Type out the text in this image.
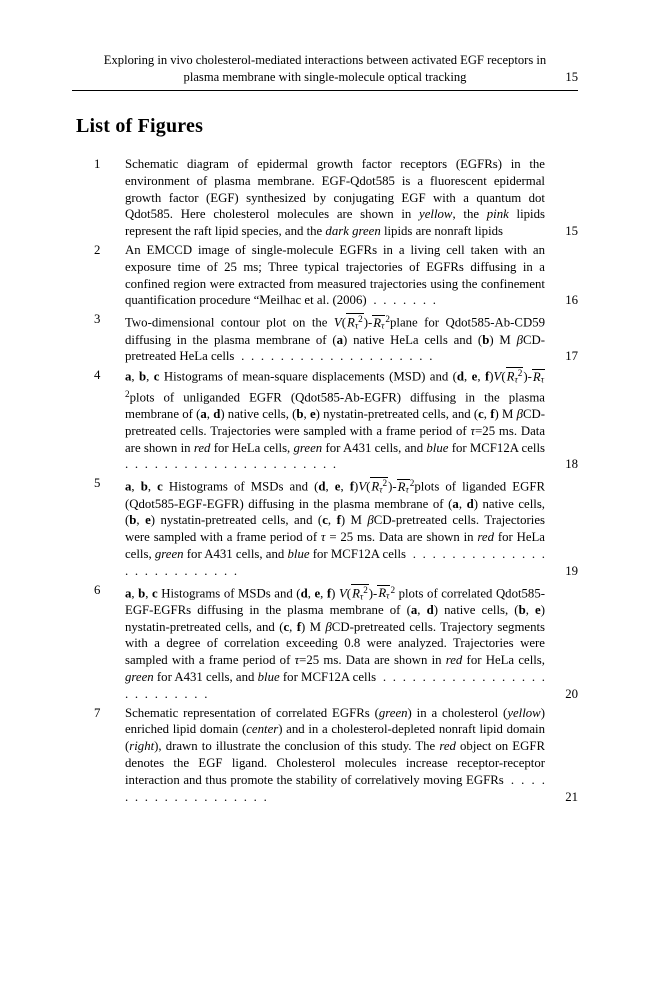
Exploring in vivo cholesterol-mediated interactions between activated EGF receptors in
plasma membrane with single-molecule optical tracking	15
List of Figures
1 Schematic diagram of epidermal growth factor receptors (EGFRs) in the environment of plasma membrane. EGF-Qdot585 is a fluorescent epidermal growth factor (EGF) synthesized by conjugating EGF with a quantum dot Qdot585. Here cholesterol molecules are shown in yellow, the pink lipids represent the raft lipid species, and the dark green lipids are nonraft lipids	15
2 An EMCCD image of single-molecule EGFRs in a living cell taken with an exposure time of 25 ms; Three typical trajectories of EGFRs diffusing in a confined region were extracted from measured trajectories using the confinement quantification procedure “Meilhac et al. (2006) . . . . . . .	16
3 Two-dimensional contour plot on the $V(R\tau^2)-R\tau^2plane$ for Qdot585-Ab-CD59 diffusing in the plasma membrane of (a) native HeLa cells and (b) M βCD-pretreated HeLa cells . . . . . . . . . . . . . . . . . . . .	17
4 a, b, c Histograms of mean-square displacements (MSD) and (d, e, $f)V(R\tau^2)-R\tau^2plots$ of unliganded EGFR (Qdot585-Ab-EGFR) diffusing in the plasma membrane of (a, d) native cells, (b, e) nystatin-pretreated cells, and (c, f) M βCD-pretreated cells. Trajectories were sampled with a frame period of τ=25 ms. Data are shown in red for HeLa cells, green for A431 cells, and blue for MCF12A cells . . . . . . . . . . . . . . . . . . . . . .	18
5 a, b, c Histograms of MSDs and (d, e, $f)V(R\tau^2)-R\tau^2plots$ of liganded EGFR (Qdot585-EGF-EGFR) diffusing in the plasma membrane of (a, d) native cells, (b, e) nystatin-pretreated cells, and (c, f) M βCD-pretreated cells. Trajectories were sampled with a frame period of τ = 25 ms. Data are shown in red for HeLa cells, green for A431 cells, and blue for MCF12A cells . . . . . . . . . . . . . . . . . . . . . . . . . .	19
6 a, b, c Histograms of MSDs and (d, e, f) $V(R\tau^2)-R\tau^2$ plots of correlated Qdot585-EGF-EGFRs diffusing in the plasma membrane of (a, d) native cells, (b, e) nystatin-pretreated cells, and (c, f) M βCD-pretreated cells. Trajectory segments with a degree of correlation exceeding 0.8 were analyzed. Trajectories were sampled with a frame period of τ=25 ms. Data are shown in red for HeLa cells, green for A431 cells, and blue for MCF12A cells . . . . . . . . . . . . . . . . . . . . . . . . . .	20
7 Schematic representation of correlated EGFRs (green) in a cholesterol (yellow) enriched lipid domain (center) and in a cholesterol-depleted nonraft lipid domain (right), drawn to illustrate the conclusion of this study. The red object on EGFR denotes the EGF ligand. Cholesterol molecules increase receptor-receptor interaction and thus promote the stability of correlatively moving EGFRs . . . . . . . . . . . . . . . . . . .	21
